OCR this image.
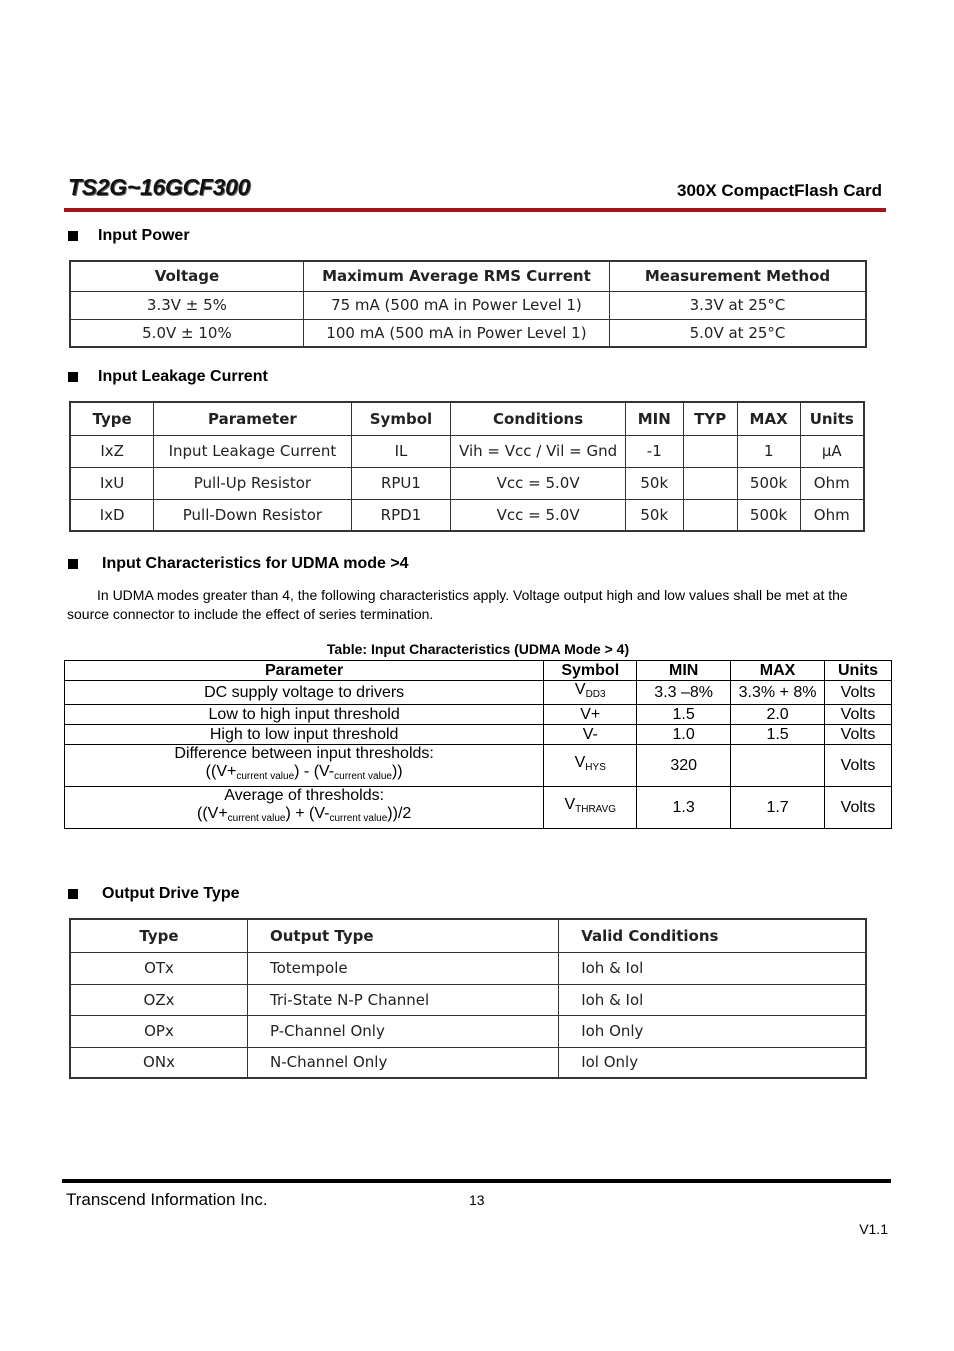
TS2G~16GCF300	300X CompactFlash Card
Input Power
Voltage	Maximum Average RMS Current	Measurement Method
3.3V ± 5%	75 mA (500 mA in Power Level 1)	3.3V at 25°C
5.0V ± 10%	100 mA (500 mA in Power Level 1)	5.0V at 25°C
Input Leakage Current
Type	Parameter	Symbol	Conditions	MIN	TYP	MAX	Units
IxZ	Input Leakage Current	IL	Vih = Vcc / Vil = Gnd	-1		1	µA
IxU	Pull-Up Resistor	RPU1	Vcc = 5.0V	50k		500k	Ohm
IxD	Pull-Down Resistor	RPD1	Vcc = 5.0V	50k		500k	Ohm
Input Characteristics for UDMA mode >4
In UDMA modes greater than 4, the following characteristics apply. Voltage output high and low values shall be met at the source connector to include the effect of series termination.
Table: Input Characteristics (UDMA Mode > 4)
Parameter	Symbol	MIN	MAX	Units
DC supply voltage to drivers	$V_{DD3}$	3.3 –8%	3.3% + 8%	Volts
Low to high input threshold	V+	1.5	2.0	Volts
High to low input threshold	V-	1.0	1.5	Volts

Difference between input thresholds:
$((V+_{current value}) - (V-_{current value}))$	$V_{HYS}$	320		Volts

Average of thresholds:
$((V+_{current value}) + (V-_{current value}))/2$	$V_{THRAVG}$	1.3	1.7	Volts
Output Drive Type
Type	Output Type	Valid Conditions
OTx	Totempole	Ioh & Iol
OZx	Tri-State N-P Channel	Ioh & Iol
OPx	P-Channel Only	Ioh Only
ONx	N-Channel Only	Iol Only
Transcend Information Inc.	13
V1.1
